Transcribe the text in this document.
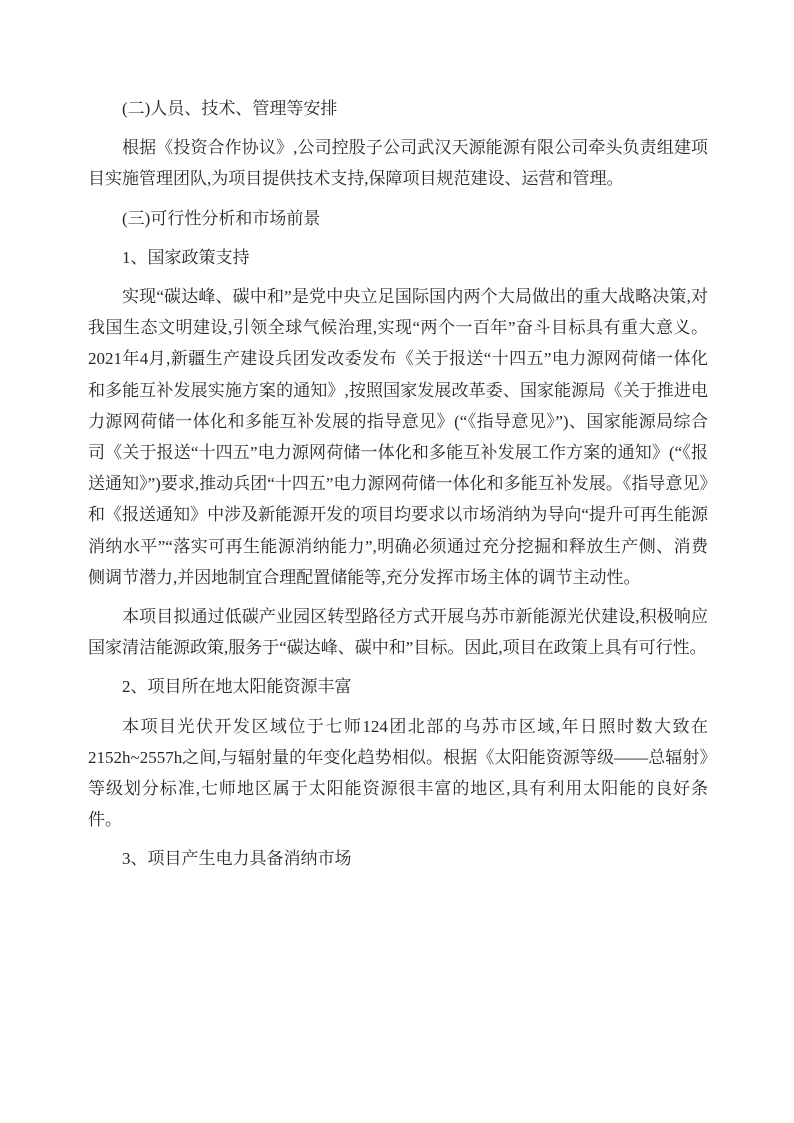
(二)人员、技术、管理等安排
根据《投资合作协议》,公司控股子公司武汉天源能源有限公司牵头负责组建项目实施管理团队,为项目提供技术支持,保障项目规范建设、运营和管理。
(三)可行性分析和市场前景
1、国家政策支持
实现“碳达峰、碳中和”是党中央立足国际国内两个大局做出的重大战略决策,对我国生态文明建设,引领全球气候治理,实现“两个一百年”奋斗目标具有重大意义。2021年4月,新疆生产建设兵团发改委发布《关于报送“十四五”电力源网荷储一体化和多能互补发展实施方案的通知》,按照国家发展改革委、国家能源局《关于推进电力源网荷储一体化和多能互补发展的指导意见》(“《指导意见》”)、国家能源局综合司《关于报送“十四五”电力源网荷储一体化和多能互补发展工作方案的通知》(“《报送通知》”)要求,推动兵团“十四五”电力源网荷储一体化和多能互补发展。《指导意见》和《报送通知》中涉及新能源开发的项目均要求以市场消纳为导向“提升可再生能源消纳水平”“落实可再生能源消纳能力”,明确必须通过充分挖掘和释放生产侧、消费侧调节潜力,并因地制宜合理配置储能等,充分发挥市场主体的调节主动性。
本项目拟通过低碳产业园区转型路径方式开展乌苏市新能源光伏建设,积极响应国家清洁能源政策,服务于“碳达峰、碳中和”目标。因此,项目在政策上具有可行性。
2、项目所在地太阳能资源丰富
本项目光伏开发区域位于七师124团北部的乌苏市区域,年日照时数大致在2152h~2557h之间,与辐射量的年变化趋势相似。根据《太阳能资源等级——总辐射》等级划分标准,七师地区属于太阳能资源很丰富的地区,具有利用太阳能的良好条件。
3、项目产生电力具备消纳市场
